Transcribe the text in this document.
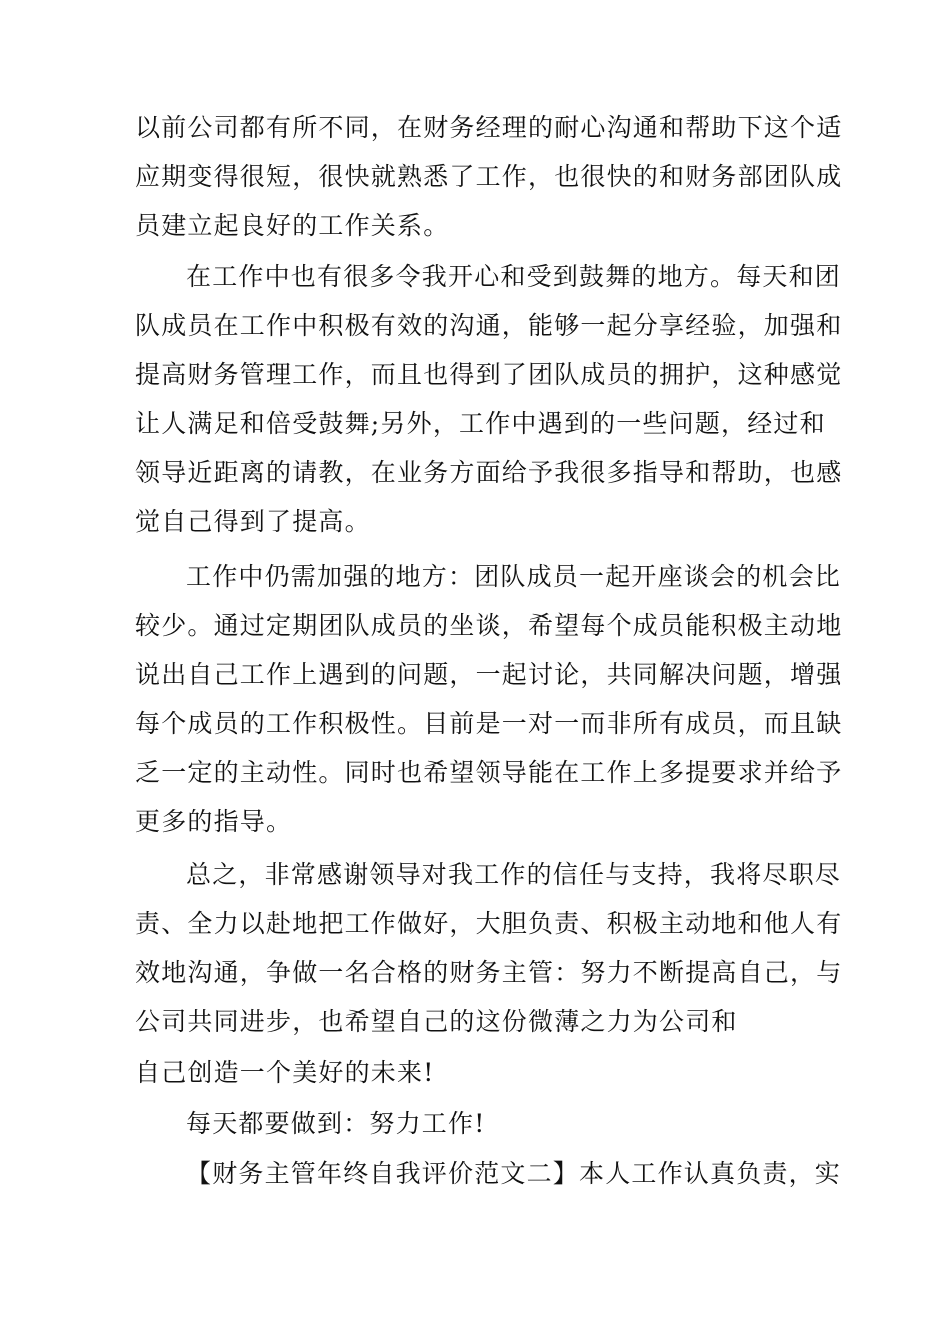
以前公司都有所不同，在财务经理的耐心沟通和帮助下这个适
应期变得很短，很快就熟悉了工作，也很快的和财务部团队成
员建立起良好的工作关系。
在工作中也有很多令我开心和受到鼓舞的地方。每天和团
队成员在工作中积极有效的沟通，能够一起分享经验，加强和
提高财务管理工作，而且也得到了团队成员的拥护，这种感觉
让人满足和倍受鼓舞;另外，工作中遇到的一些问题，经过和
领导近距离的请教，在业务方面给予我很多指导和帮助，也感
觉自己得到了提高。
工作中仍需加强的地方：团队成员一起开座谈会的机会比
较少。通过定期团队成员的坐谈，希望每个成员能积极主动地
说出自己工作上遇到的问题，一起讨论，共同解决问题，增强
每个成员的工作积极性。目前是一对一而非所有成员，而且缺
乏一定的主动性。同时也希望领导能在工作上多提要求并给予
更多的指导。
总之，非常感谢领导对我工作的信任与支持，我将尽职尽
责、全力以赴地把工作做好，大胆负责、积极主动地和他人有
效地沟通，争做一名合格的财务主管：努力不断提高自己，与
公司共同进步，也希望自己的这份微薄之力为公司和
自己创造一个美好的未来!
每天都要做到：努力工作!
【财务主管年终自我评价范文二】本人工作认真负责，实
